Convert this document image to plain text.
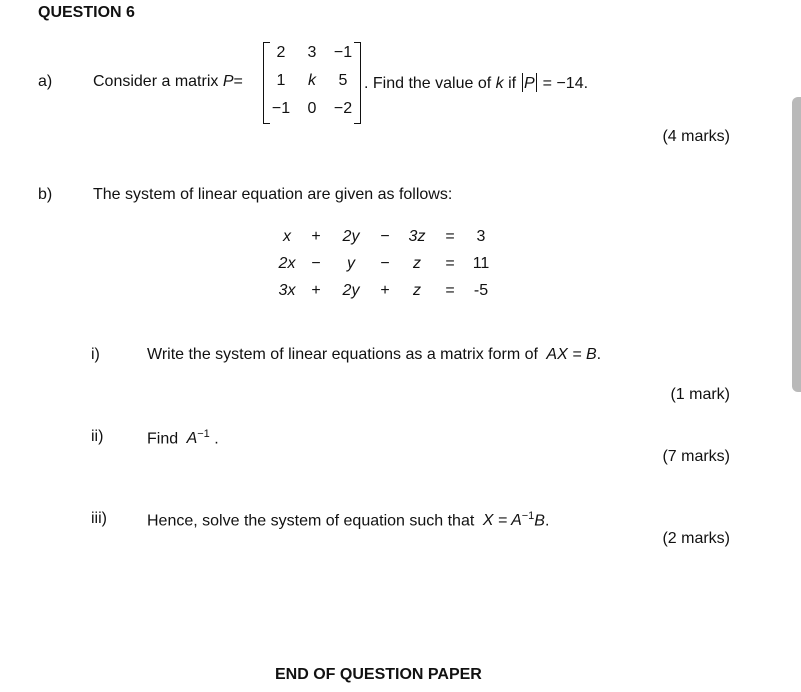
QUESTION 6
a)	Consider a matrix P=
2	3	−1
1	k	5
−1	0	−2
. Find the value of k if P = −14.
(4 marks)
b)	The system of linear equation are given as follows:
x	+	2y	−	3z	=	3
2x −	y	−	z	=	11
3x +	2y	+	z	=	-5
i)	Write the system of linear equations as a matrix form of AX = B.
(1 mark)
ii)	Find $A^{-1}$ .
(7 marks)
iii)	Hence, solve the system of equation such that $X = A^{-1}B$.
(2 marks)
END OF QUESTION PAPER
